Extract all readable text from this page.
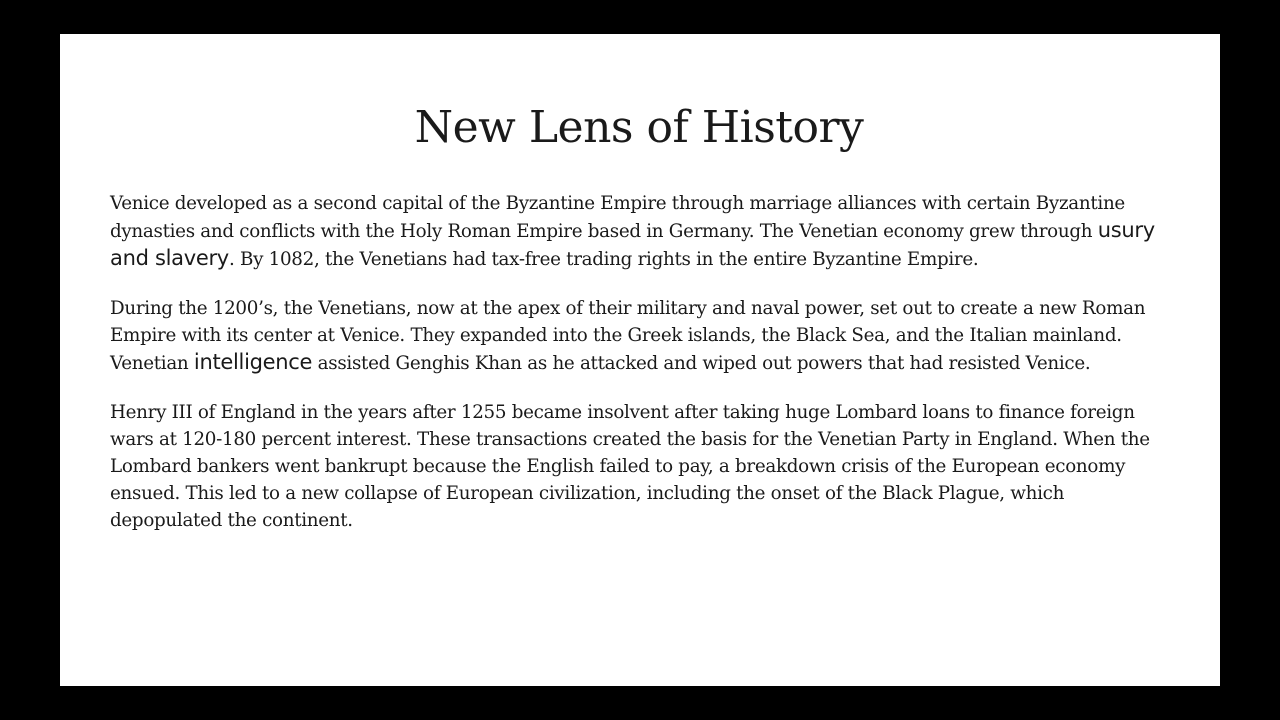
New Lens of History

Venice developed as a second capital of the Byzantine Empire through marriage alliances with certain Byzantine dynasties and conflicts with the Holy Roman Empire based in Germany. The Venetian economy grew through usury and slavery. By 1082, the Venetians had tax-free trading rights in the entire Byzantine Empire.

During the 1200’s, the Venetians, now at the apex of their military and naval power, set out to create a new Roman Empire with its center at Venice. They expanded into the Greek islands, the Black Sea, and the Italian mainland. Venetian intelligence assisted Genghis Khan as he attacked and wiped out powers that had resisted Venice.

Henry III of England in the years after 1255 became insolvent after taking huge Lombard loans to finance foreign wars at 120-180 percent interest. These transactions created the basis for the Venetian Party in England. When the Lombard bankers went bankrupt because the English failed to pay, a breakdown crisis of the European economy ensued. This led to a new collapse of European civilization, including the onset of the Black Plague, which depopulated the continent.
